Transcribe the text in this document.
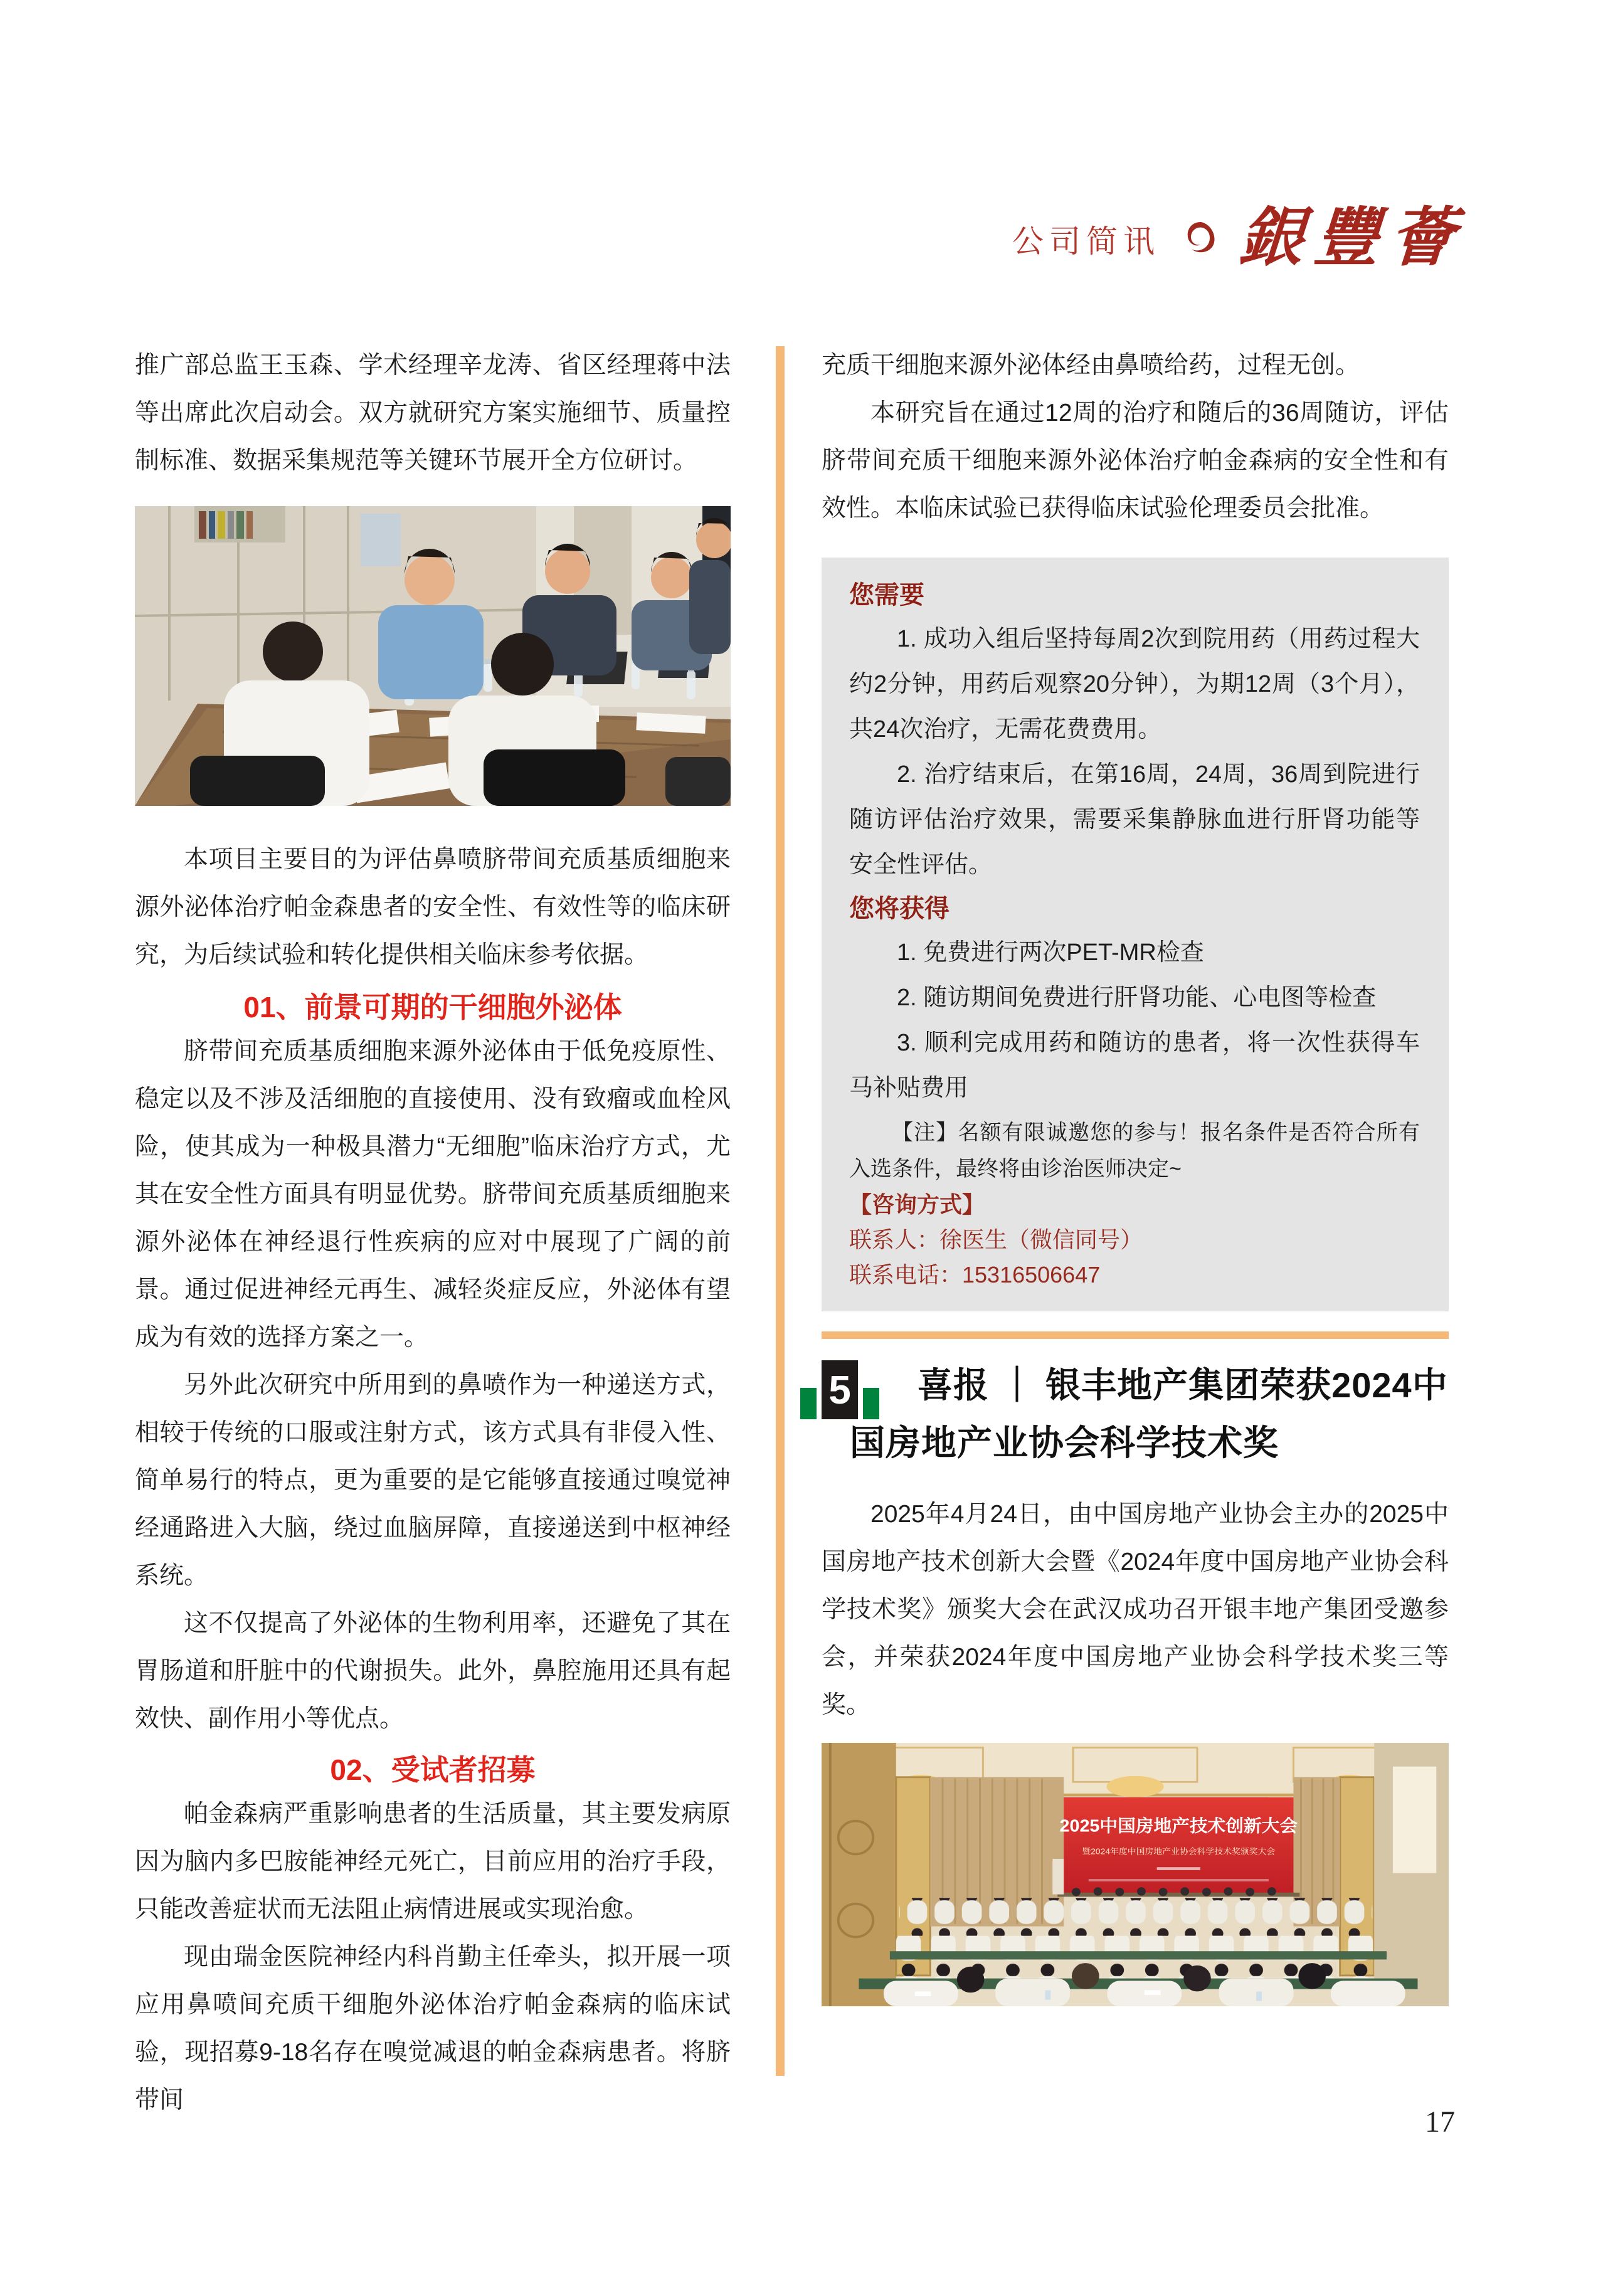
公司简讯 銀豐薈

推广部总监王玉森、学术经理辛龙涛、省区经理蒋中法等出席此次启动会。双方就研究方案实施细节、质量控制标准、数据采集规范等关键环节展开全方位研讨。

本项目主要目的为评估鼻喷脐带间充质基质细胞来源外泌体治疗帕金森患者的安全性、有效性等的临床研究，为后续试验和转化提供相关临床参考依据。

01、前景可期的干细胞外泌体

脐带间充质基质细胞来源外泌体由于低免疫原性、稳定以及不涉及活细胞的直接使用、没有致瘤或血栓风险，使其成为一种极具潜力“无细胞”临床治疗方式，尤其在安全性方面具有明显优势。脐带间充质基质细胞来源外泌体在神经退行性疾病的应对中展现了广阔的前景。通过促进神经元再生、减轻炎症反应，外泌体有望成为有效的选择方案之一。

另外此次研究中所用到的鼻喷作为一种递送方式，相较于传统的口服或注射方式，该方式具有非侵入性、简单易行的特点，更为重要的是它能够直接通过嗅觉神经通路进入大脑，绕过血脑屏障，直接递送到中枢神经系统。

这不仅提高了外泌体的生物利用率，还避免了其在胃肠道和肝脏中的代谢损失。此外，鼻腔施用还具有起效快、副作用小等优点。

02、受试者招募

帕金森病严重影响患者的生活质量，其主要发病原因为脑内多巴胺能神经元死亡，目前应用的治疗手段，只能改善症状而无法阻止病情进展或实现治愈。

现由瑞金医院神经内科肖勤主任牵头，拟开展一项应用鼻喷间充质干细胞外泌体治疗帕金森病的临床试验，现招募9-18名存在嗅觉减退的帕金森病患者。将脐带间

充质干细胞来源外泌体经由鼻喷给药，过程无创。

本研究旨在通过12周的治疗和随后的36周随访，评估脐带间充质干细胞来源外泌体治疗帕金森病的安全性和有效性。本临床试验已获得临床试验伦理委员会批准。

您需要

1. 成功入组后坚持每周2次到院用药（用药过程大约2分钟，用药后观察20分钟），为期12周（3个月），共24次治疗，无需花费费用。

2. 治疗结束后，在第16周，24周，36周到院进行随访评估治疗效果，需要采集静脉血进行肝肾功能等安全性评估。

您将获得

1. 免费进行两次PET-MR检查

2. 随访期间免费进行肝肾功能、心电图等检查

3. 顺利完成用药和随访的患者，将一次性获得车马补贴费用

【注】名额有限诚邀您的参与！报名条件是否符合所有入选条件，最终将由诊治医师决定~

【咨询方式】

联系人：徐医生（微信同号）

联系电话：15316506647

5	喜报 ｜ 银丰地产集团荣获2024中国房地产业协会科学技术奖

2025年4月24日，由中国房地产业协会主办的2025中国房地产技术创新大会暨《2024年度中国房地产业协会科学技术奖》颁奖大会在武汉成功召开银丰地产集团受邀参会，并荣获2024年度中国房地产业协会科学技术奖三等奖。

2025中国房地产技术创新大会
暨2024年度中国房地产业协会科学技术奖颁奖大会
17
